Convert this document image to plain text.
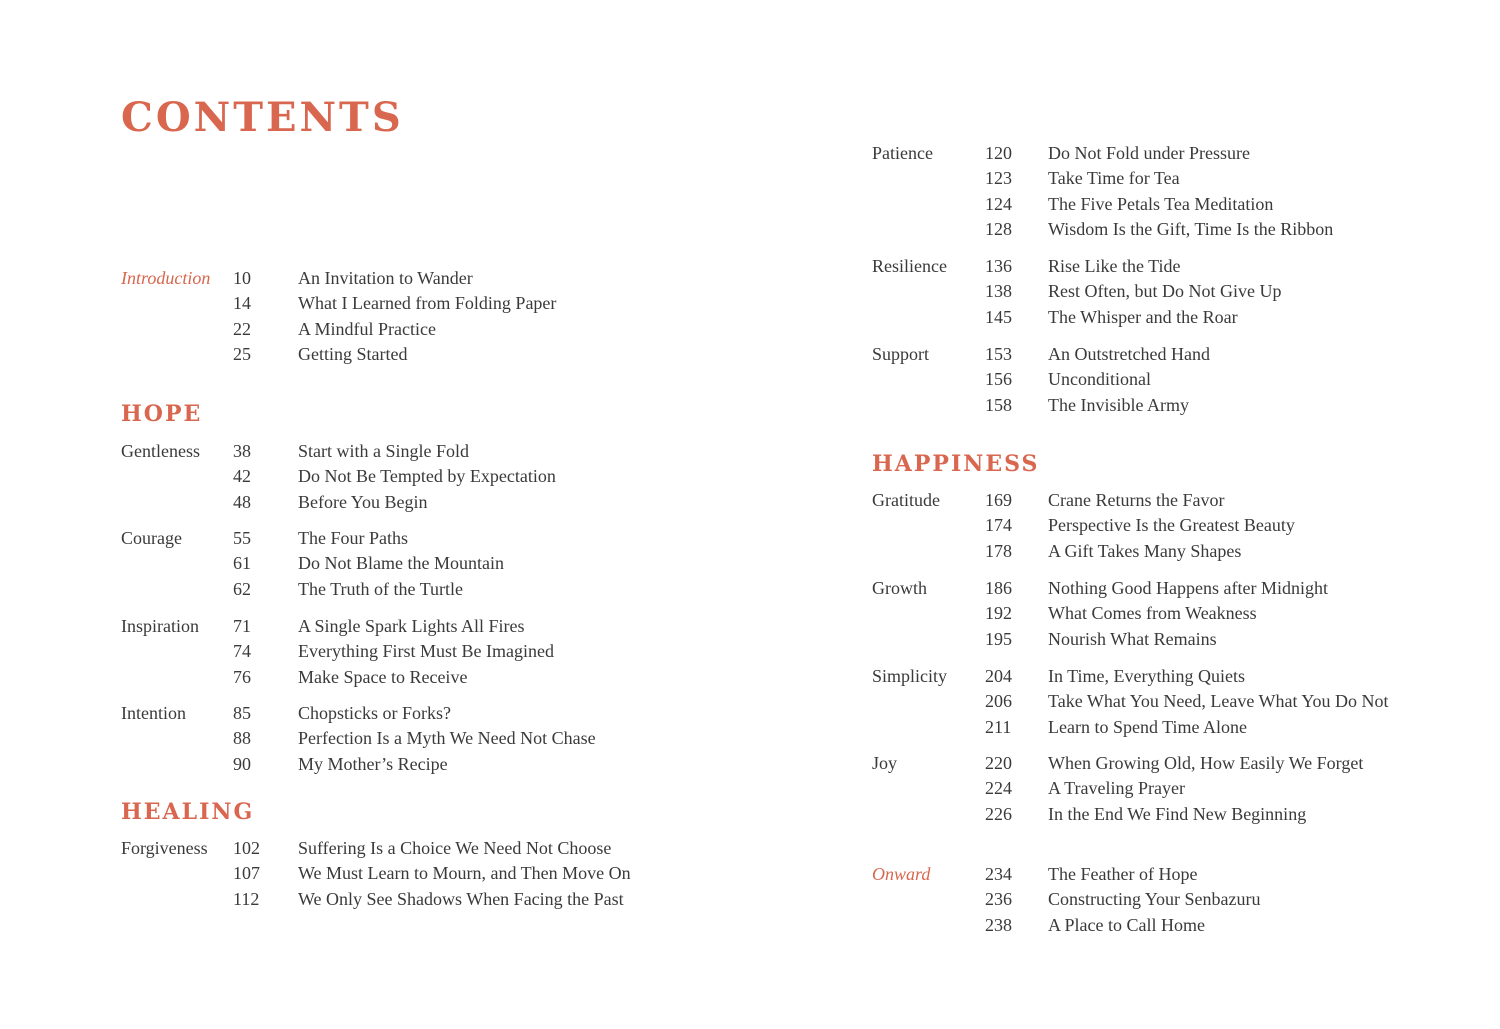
CONTENTS
Introduction 10	An Invitation to Wander
14	What I Learned from Folding Paper
22	A Mindful Practice
25	Getting Started
HOPE
Gentleness 38	Start with a Single Fold
42	Do Not Be Tempted by Expectation
48	Before You Begin
Courage	55	The Four Paths
61	Do Not Blame the Mountain
62	The Truth of the Turtle
Inspiration 71	A Single Spark Lights All Fires
74	Everything First Must Be Imagined
76	Make Space to Receive
Intention	85	Chopsticks or Forks?
88	Perfection Is a Myth We Need Not Chase
90	My Mother’s Recipe
HEALING
Forgiveness 102 Suffering Is a Choice We Need Not Choose
107 We Must Learn to Mourn, and Then Move On
112 We Only See Shadows When Facing the Past
Patience	120 Do Not Fold under Pressure
123 Take Time for Tea
124 The Five Petals Tea Meditation
128 Wisdom Is the Gift, Time Is the Ribbon
Resilience 136 Rise Like the Tide
138 Rest Often, but Do Not Give Up
145 The Whisper and the Roar
Support	153 An Outstretched Hand
156 Unconditional
158 The Invisible Army
HAPPINESS
Gratitude	169 Crane Returns the Favor
174 Perspective Is the Greatest Beauty
178 A Gift Takes Many Shapes
Growth	186 Nothing Good Happens after Midnight
192 What Comes from Weakness
195 Nourish What Remains
Simplicity 204 In Time, Everything Quiets
206 Take What You Need, Leave What You Do Not
211 Learn to Spend Time Alone
Joy	220 When Growing Old, How Easily We Forget
224 A Traveling Prayer
226 In the End We Find New Beginning
Onward	234 The Feather of Hope
236 Constructing Your Senbazuru
238 A Place to Call Home
